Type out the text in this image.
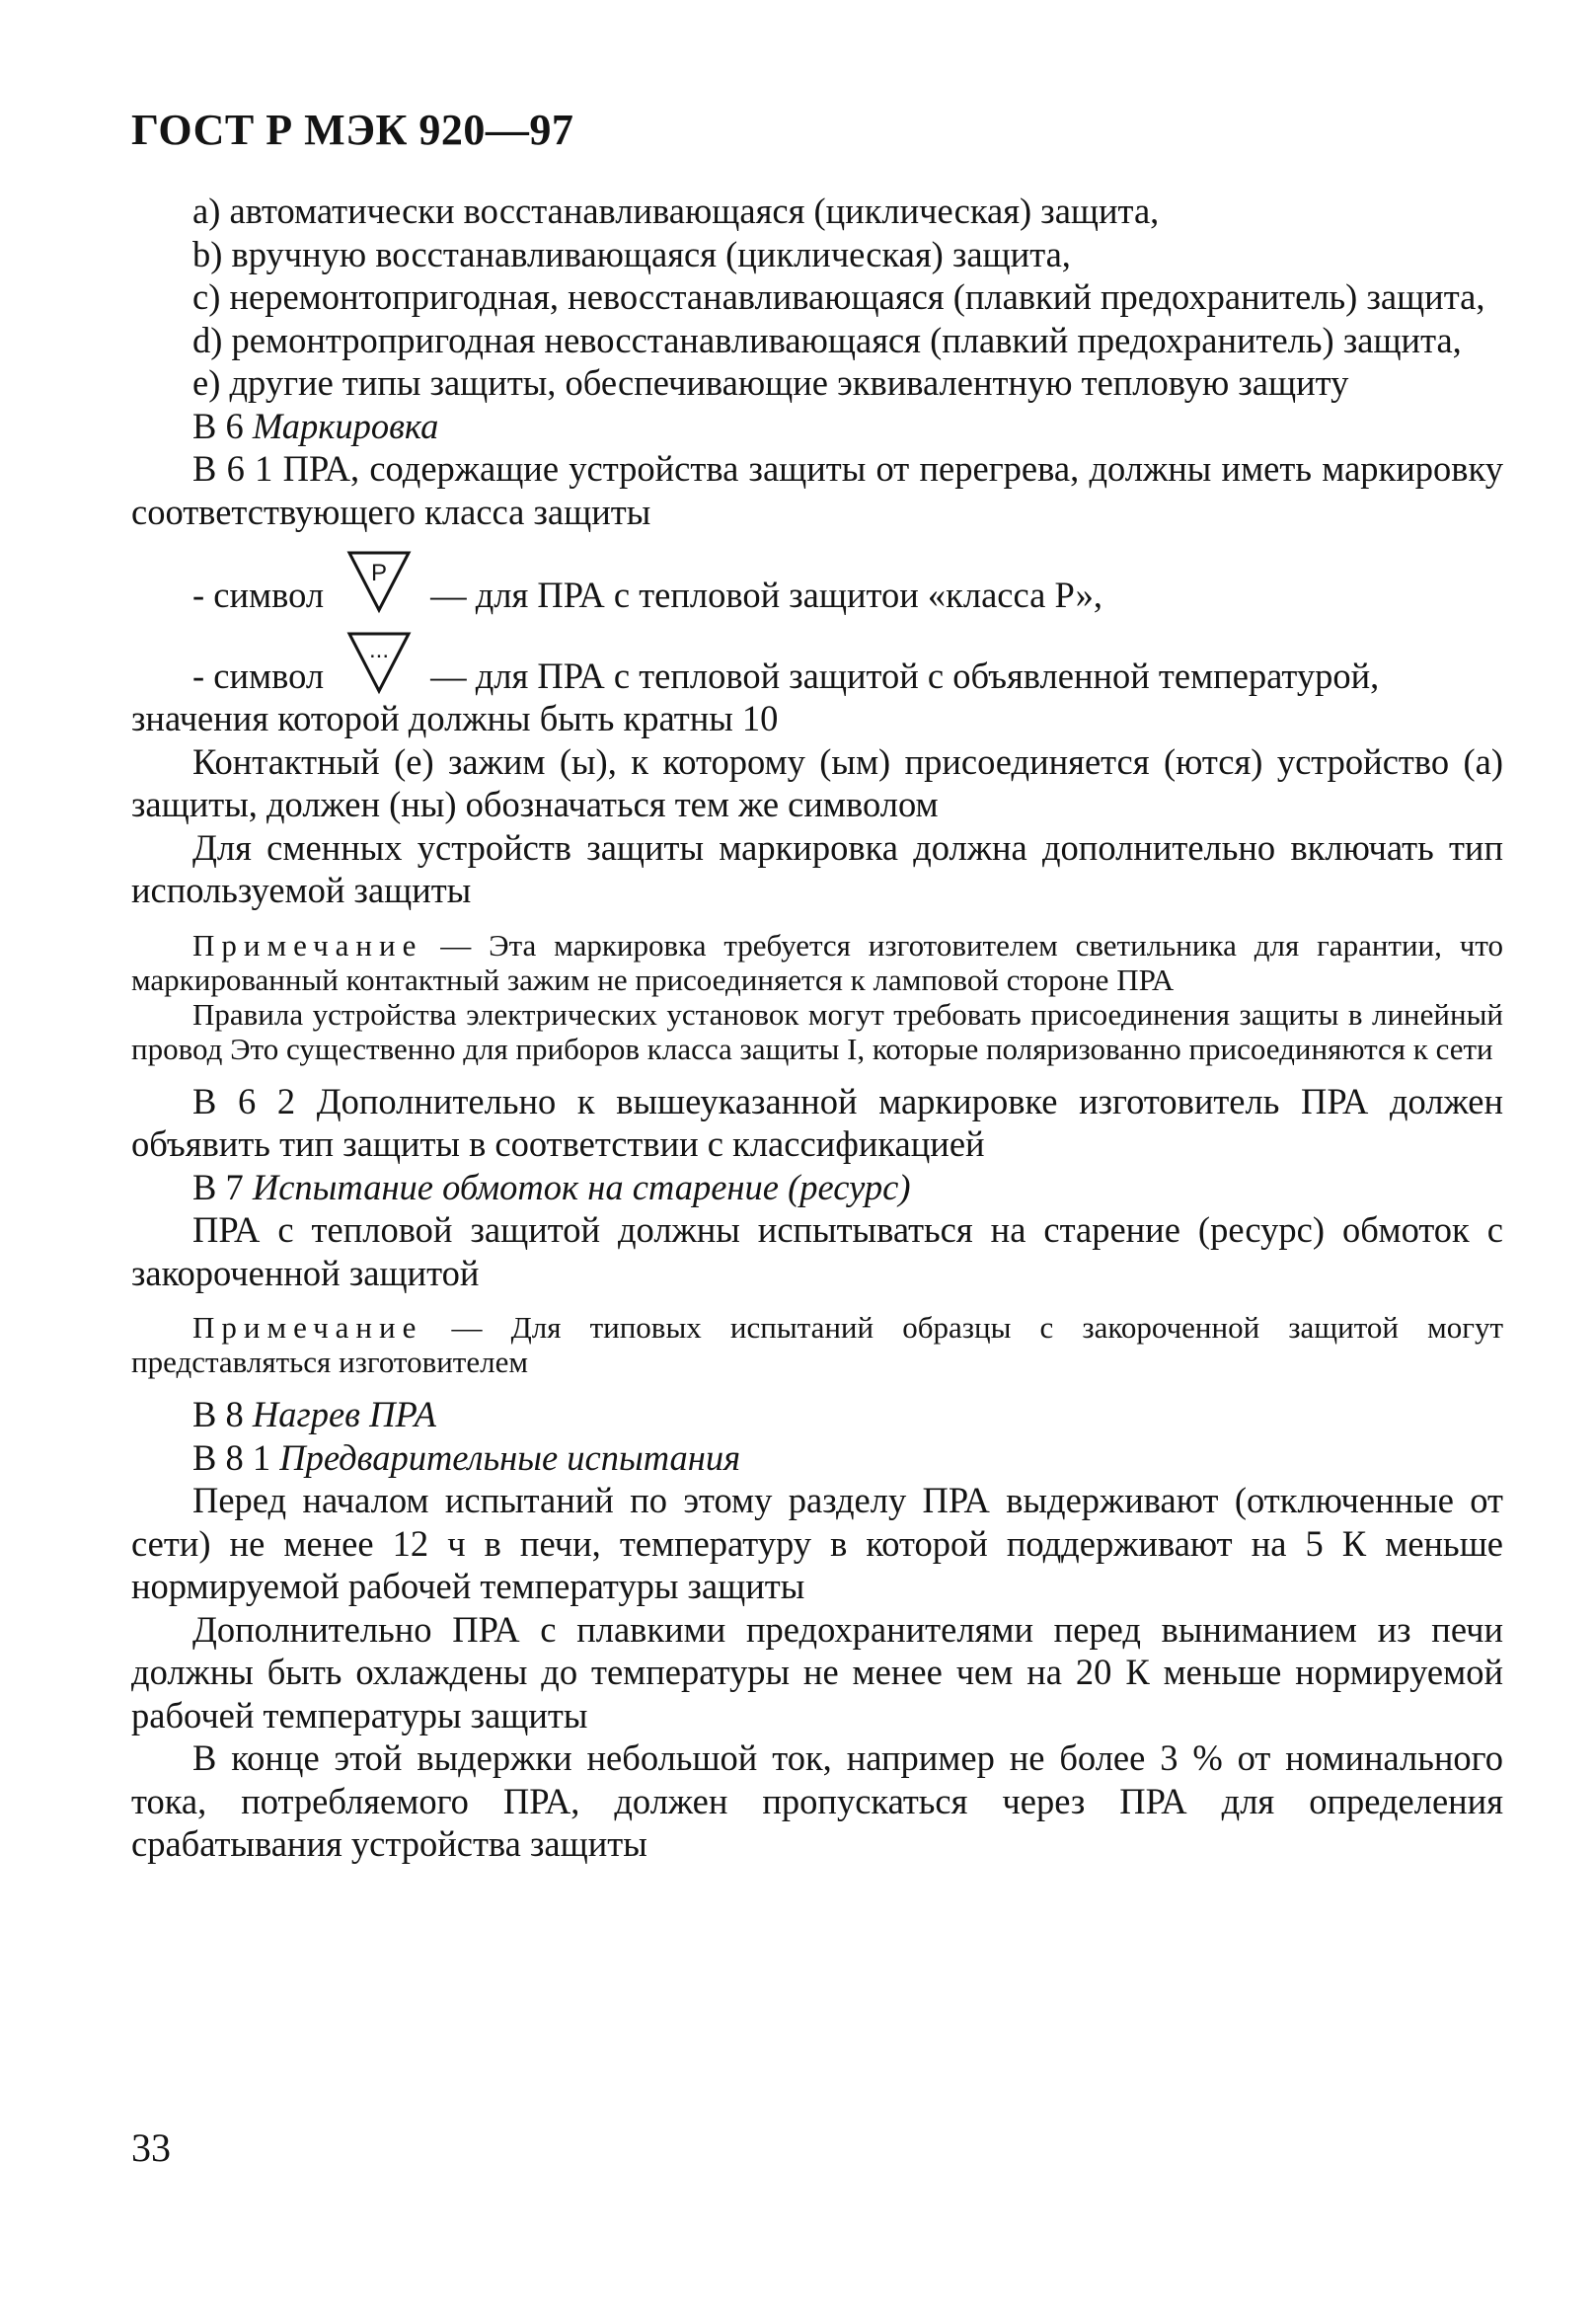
ГОСТ Р МЭК 920—97

a) автоматически восстанавливающаяся (циклическая) защита,

b) вручную восстанавливающаяся (циклическая) защита,

c) неремонтопригодная, невосстанавливающаяся (плавкий предохранитель) защита,

d) ремонтропригодная невосстанавливающаяся (плавкий предохранитель) защита,

e) другие типы защиты, обеспечивающие эквивалентную тепловую защиту

В 6 Маркировка

В 6 1 ПРА, содержащие устройства защиты от перегрева, должны иметь маркировку соответствующего класса защиты

- символ
P
— для ПРА с тепловой защитои «класса Р»,
- символ
...
— для ПРА с тепловой защитой с объявленной температурой,

значения которой должны быть кратны 10

Контактный (е) зажим (ы), к которому (ым) присоединяется (ются) устройство (а) защиты, должен (ны) обозначаться тем же символом

Для сменных устройств защиты маркировка должна дополнительно включать тип используемой защиты

Примечание — Эта маркировка требуется изготовителем светильника для гарантии, что маркированный контактный зажим не присоединяется к ламповой стороне ПРА

Правила устройства электрических установок могут требовать присоединения защиты в линейный провод Это существенно для приборов класса защиты I, которые поляризованно присоединяются к сети

В 6 2 Дополнительно к вышеуказанной маркировке изготовитель ПРА должен объявить тип защиты в соответствии с классификацией

В 7 Испытание обмоток на старение (ресурс)

ПРА с тепловой защитой должны испытываться на старение (ресурс) обмоток с закороченной защитой

Примечание — Для типовых испытаний образцы с закороченной защитой могут представляться изготовителем

В 8 Нагрев ПРА

В 8 1 Предварительные испытания

Перед началом испытаний по этому разделу ПРА выдерживают (отключенные от сети) не менее 12 ч в печи, температуру в которой поддерживают на 5 К меньше нормируемой рабочей температуры защиты

Дополнительно ПРА с плавкими предохранителями перед выниманием из печи должны быть охлаждены до температуры не менее чем на 20 К меньше нормируемой рабочей температуры защиты

В конце этой выдержки небольшой ток, например не более 3 % от номинального тока, потребляемого ПРА, должен пропускаться через ПРА для определения срабатывания устройства защиты

33
